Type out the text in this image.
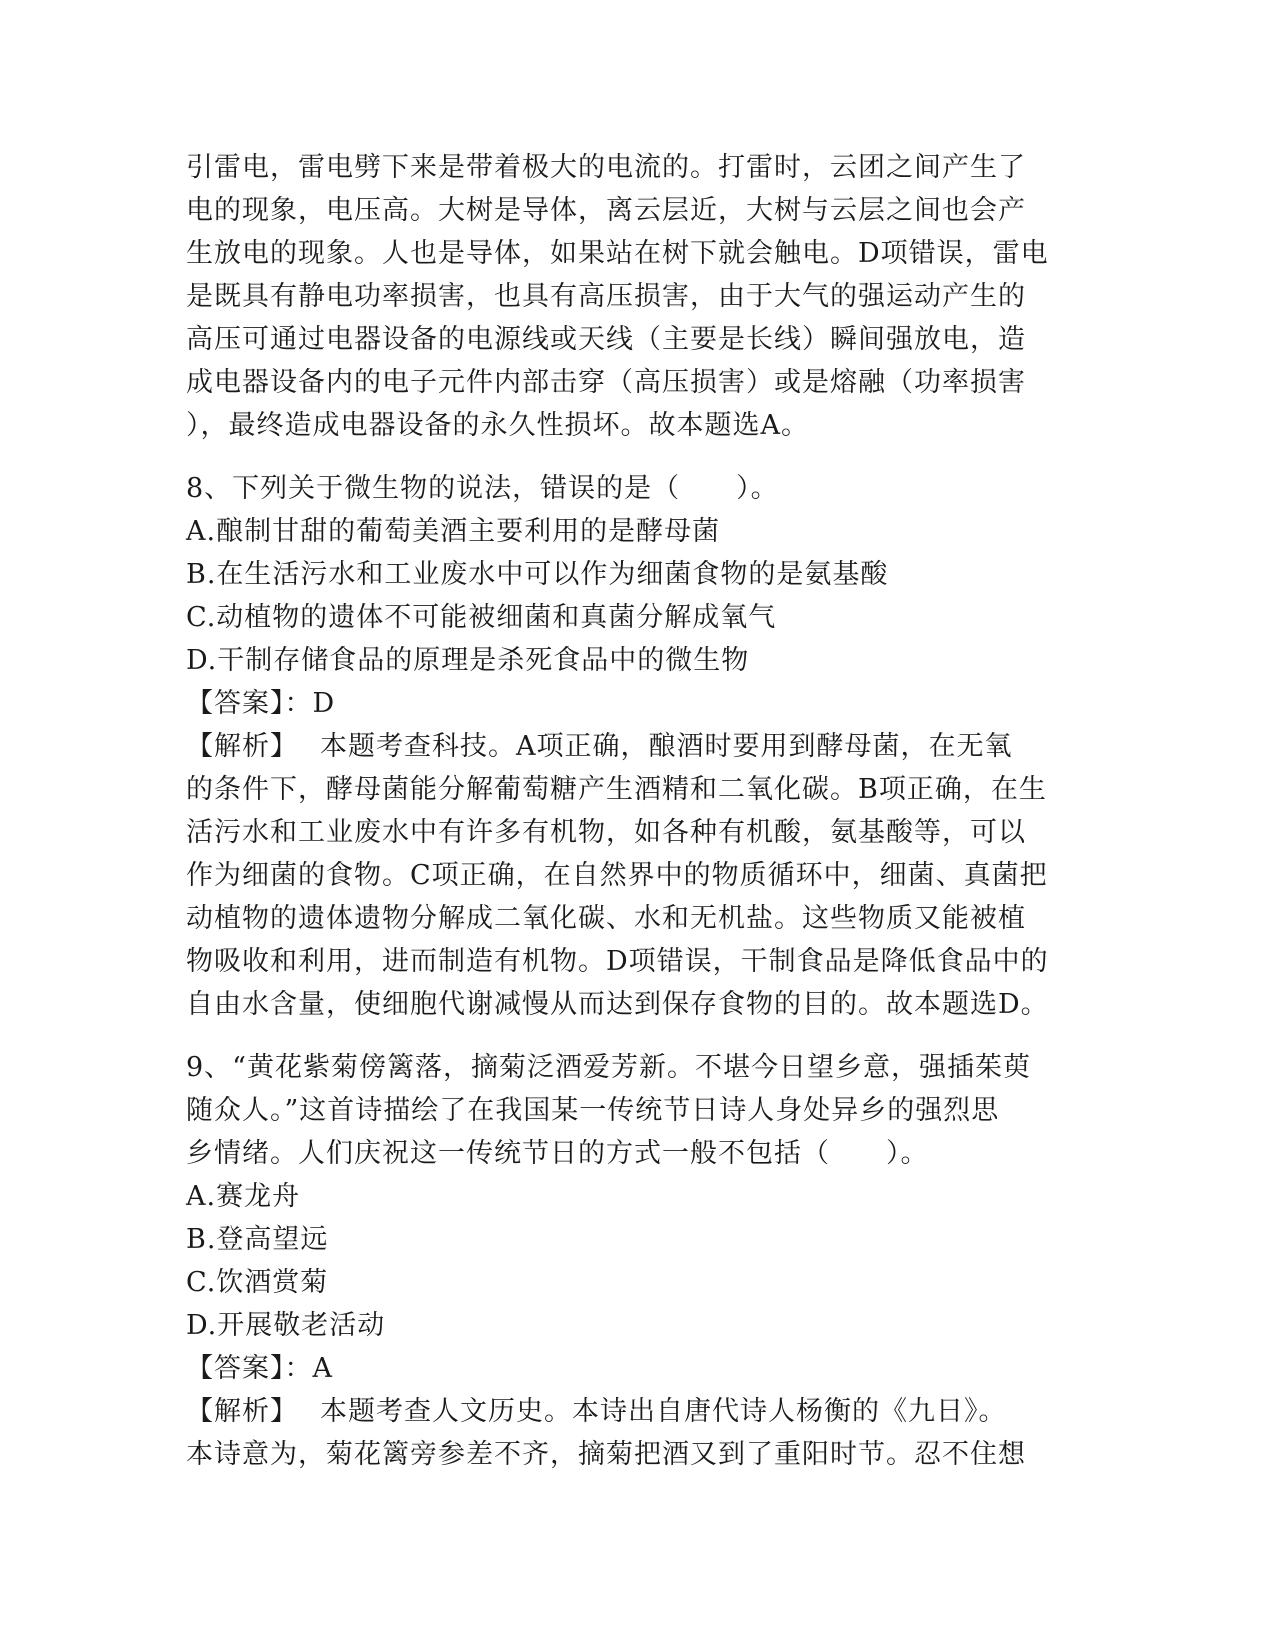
引雷电，雷电劈下来是带着极大的电流的。打雷时，云团之间产生了
电的现象，电压高。大树是导体，离云层近，大树与云层之间也会产
生放电的现象。人也是导体，如果站在树下就会触电。D项错误，雷电
是既具有静电功率损害，也具有高压损害，由于大气的强运动产生的
高压可通过电器设备的电源线或天线（主要是长线）瞬间强放电，造
成电器设备内的电子元件内部击穿（高压损害）或是熔融（功率损害
），最终造成电器设备的永久性损坏。故本题选A。
8、下列关于微生物的说法，错误的是（　　）。
A.酿制甘甜的葡萄美酒主要利用的是酵母菌
B.在生活污水和工业废水中可以作为细菌食物的是氨基酸
C.动植物的遗体不可能被细菌和真菌分解成氧气
D.干制存储食品的原理是杀死食品中的微生物
【答案】：D
【解析】 本题考查科技。A项正确，酿酒时要用到酵母菌，在无氧
的条件下，酵母菌能分解葡萄糖产生酒精和二氧化碳。B项正确，在生
活污水和工业废水中有许多有机物，如各种有机酸，氨基酸等，可以
作为细菌的食物。C项正确，在自然界中的物质循环中，细菌、真菌把
动植物的遗体遗物分解成二氧化碳、水和无机盐。这些物质又能被植
物吸收和利用，进而制造有机物。D项错误，干制食品是降低食品中的
自由水含量，使细胞代谢减慢从而达到保存食物的目的。故本题选D。
9、“黄花紫菊傍篱落，摘菊泛酒爱芳新。不堪今日望乡意，强插茱萸
随众人。”这首诗描绘了在我国某一传统节日诗人身处异乡的强烈思
乡情绪。人们庆祝这一传统节日的方式一般不包括（　　）。
A.赛龙舟
B.登高望远
C.饮酒赏菊
D.开展敬老活动
【答案】：A
【解析】 本题考查人文历史。本诗出自唐代诗人杨衡的《九日》。
本诗意为，菊花篱旁参差不齐，摘菊把酒又到了重阳时节。忍不住想
